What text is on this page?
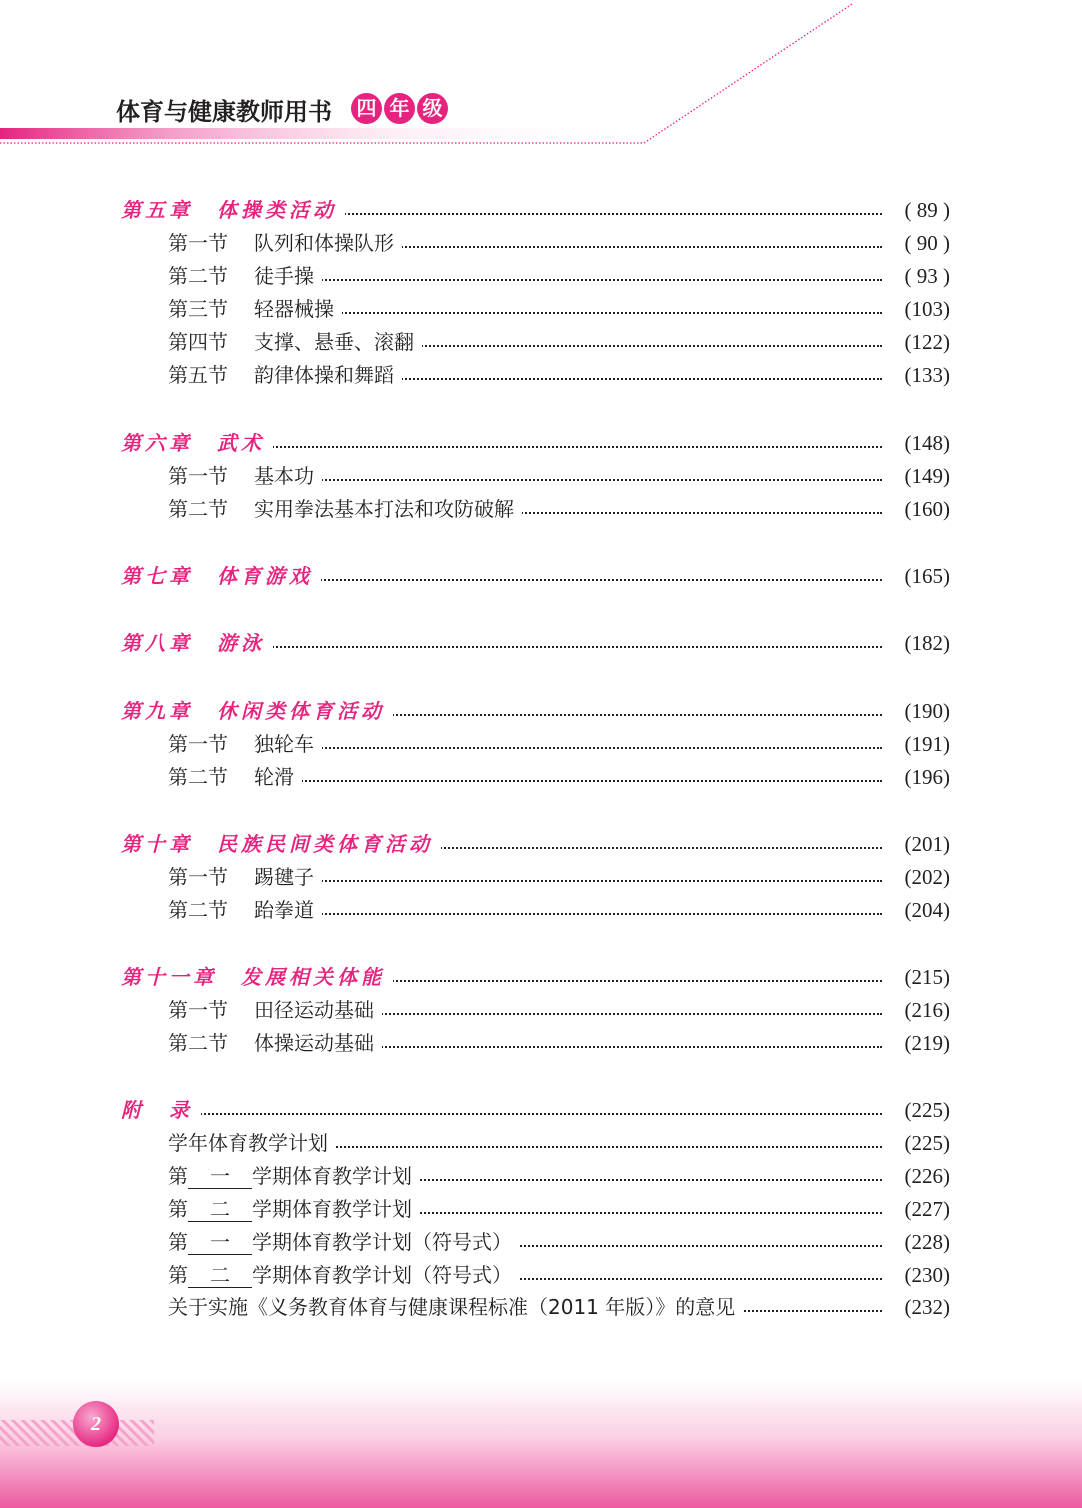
体育与健康教师用书 四 年 级
第五章　体操类活动	( 89 )
第一节 队列和体操队形	( 90 )
第二节 徒手操	( 93 )
第三节 轻器械操	(103)
第四节 支撑、悬垂、滚翻	(122)
第五节 韵律体操和舞蹈	(133)
第六章　武术	(148)
第一节 基本功	(149)
第二节 实用拳法基本打法和攻防破解	(160)
第七章　体育游戏	(165)
第八章　游泳	(182)
第九章　休闲类体育活动	(190)
第一节 独轮车	(191)
第二节 轮滑	(196)
第十章　民族民间类体育活动	(201)
第一节 踢毽子	(202)
第二节 跆拳道	(204)
第十一章　发展相关体能	(215)
第一节 田径运动基础	(216)
第二节 体操运动基础	(219)
附　录	(225)
学年体育教学计划	(225)
第 一 学期体育教学计划	(226)
第 二 学期体育教学计划	(227)
第 一 学期体育教学计划（符号式）	(228)
第 二 学期体育教学计划（符号式）	(230)
关于实施《义务教育体育与健康课程标准（2011 年版）》的意见	(232)
2
